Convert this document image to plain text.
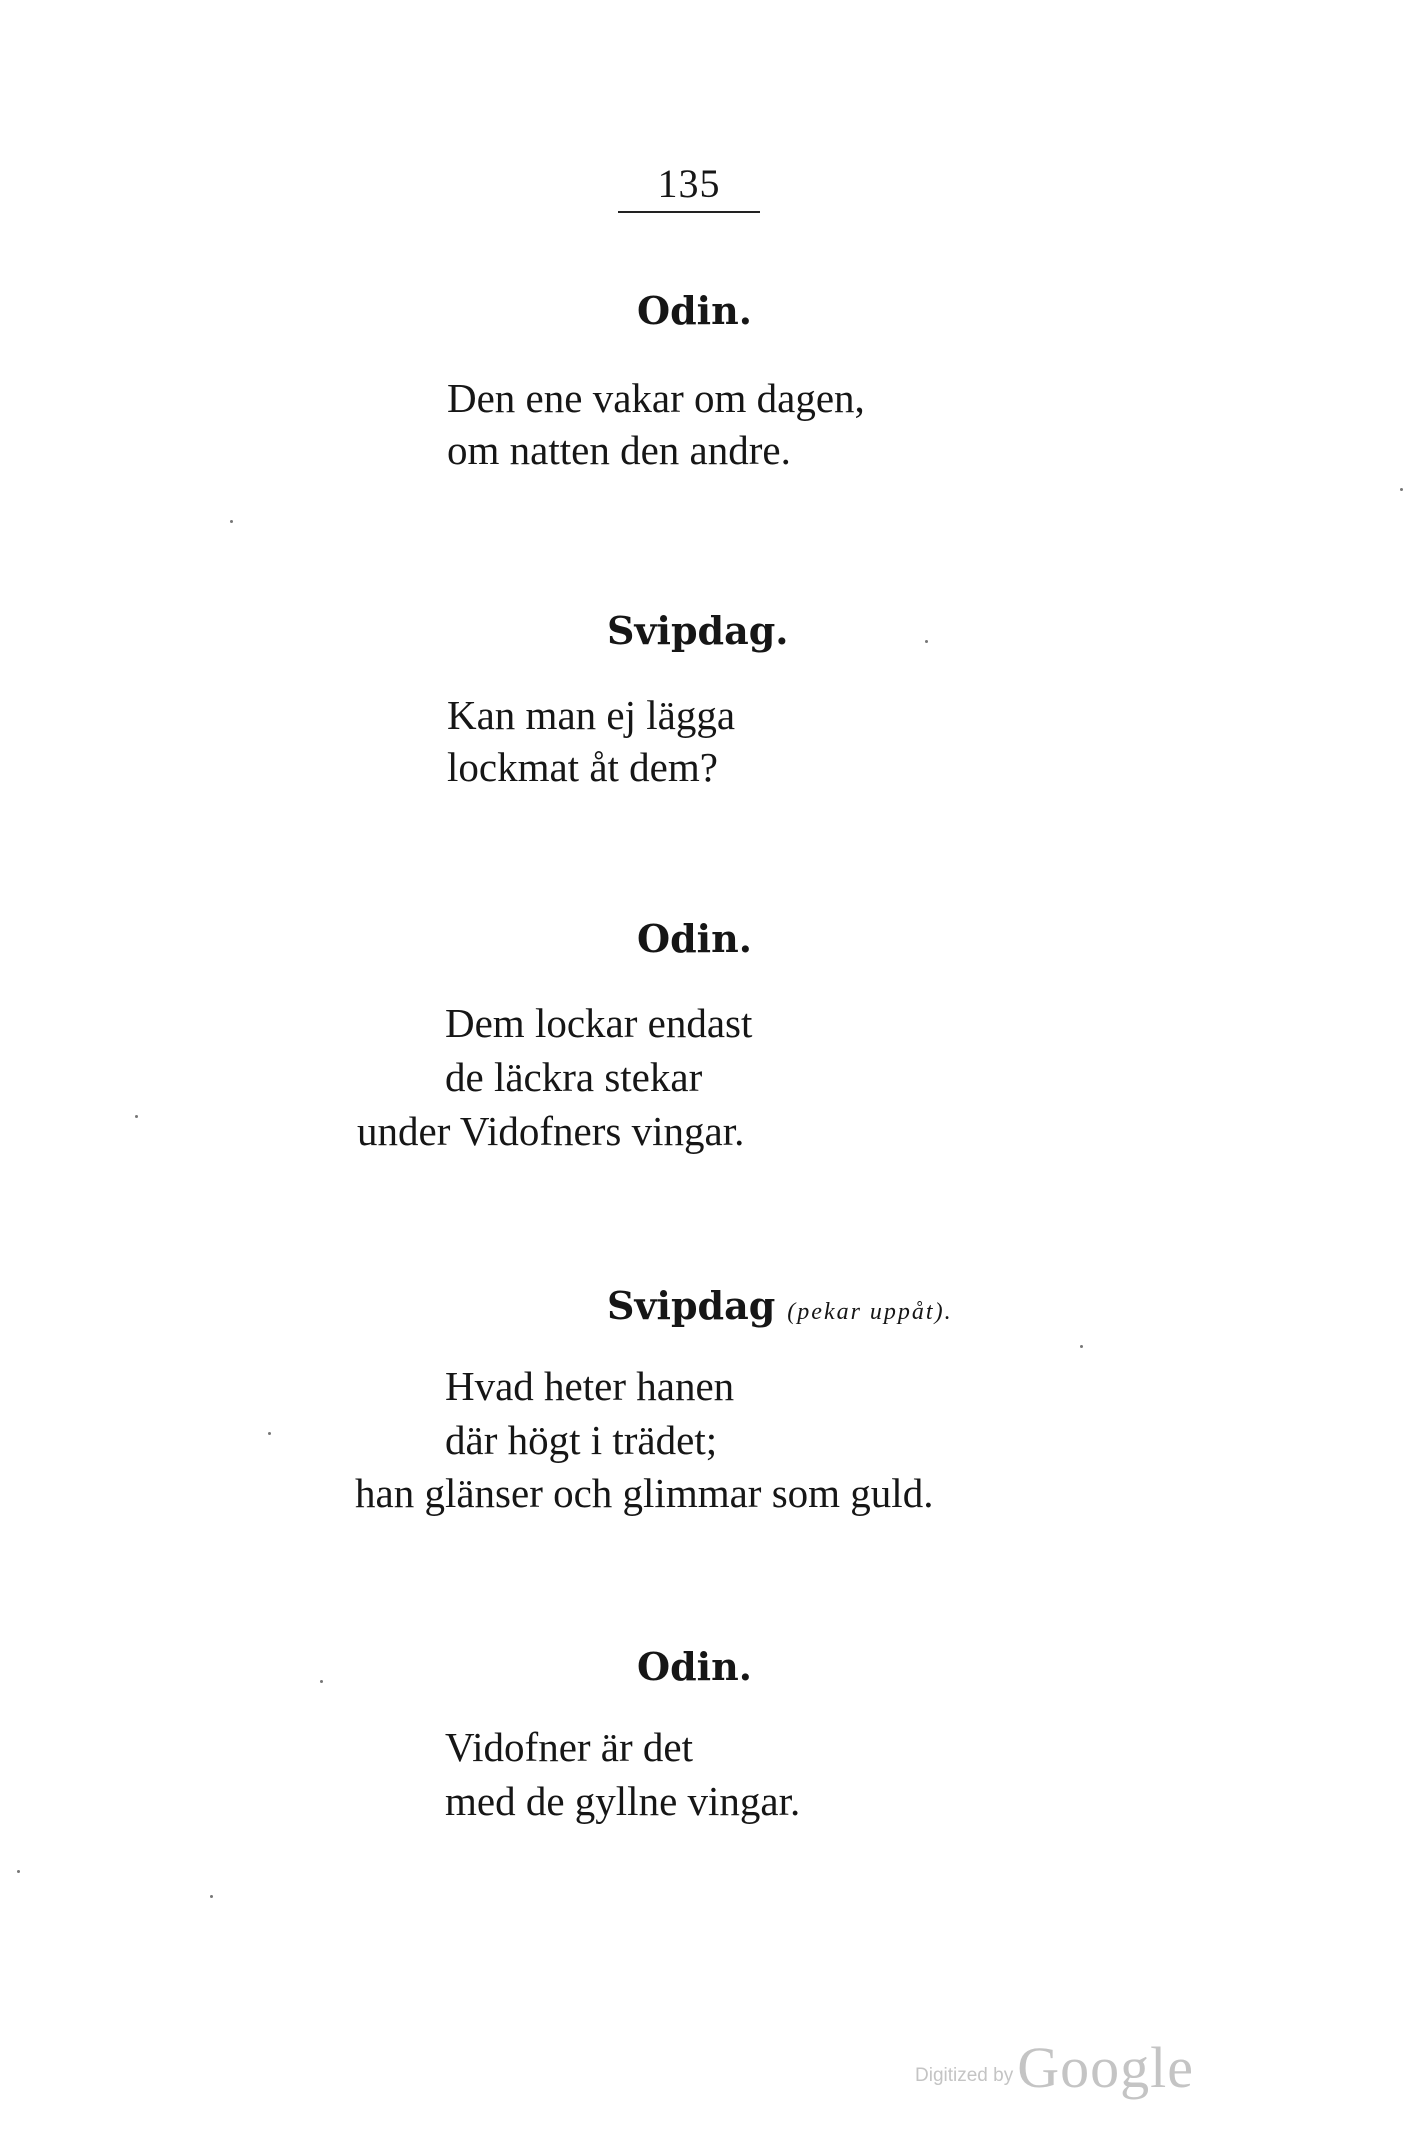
135
Odin.
Den ene vakar om dagen,
om natten den andre.
Svipdag.
Kan man ej lägga
lockmat åt dem?
Odin.
Dem lockar endast
de läckra stekar
under Vidofners vingar.
Svipdag (pekar uppåt).
Hvad heter hanen
där högt i trädet;
han glänser och glimmar som guld.
Odin.
Vidofner är det
med de gyllne vingar.
Digitized by Google
